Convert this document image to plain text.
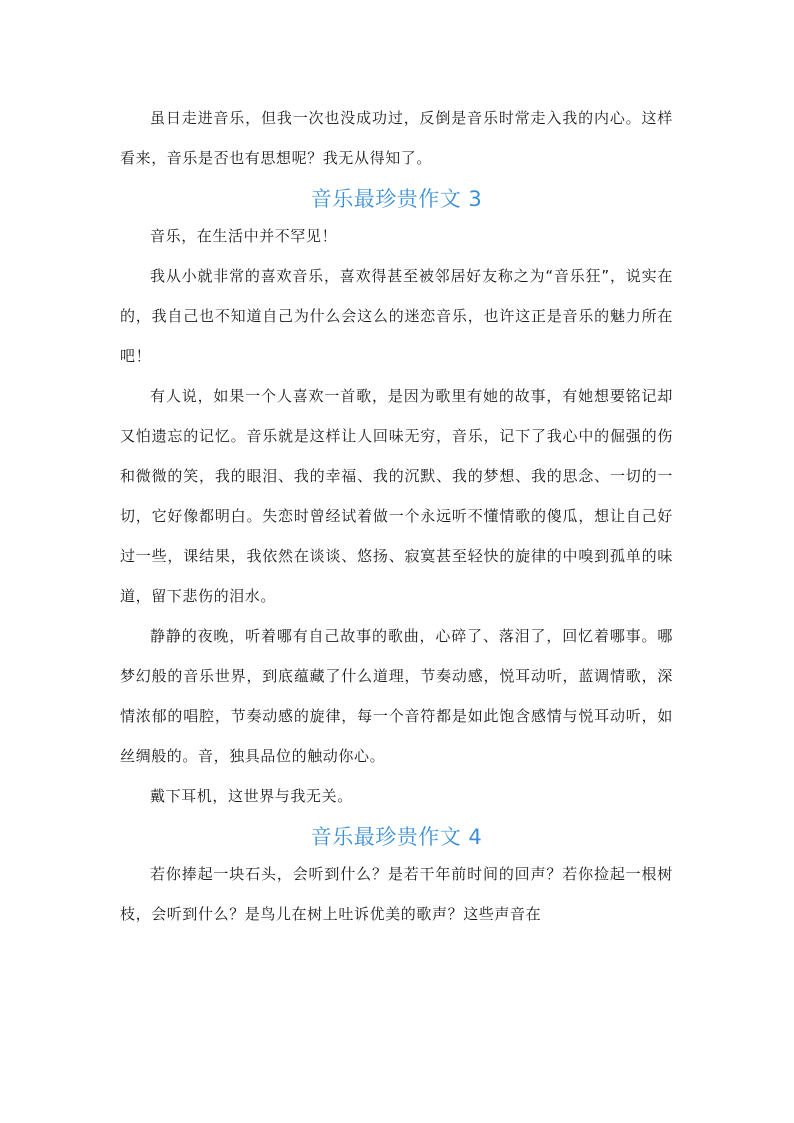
虽日走进音乐，但我一次也没成功过，反倒是音乐时常走入我的内心。这样看来，音乐是否也有思想呢？我无从得知了。

音乐最珍贵作文 3

音乐，在生活中并不罕见！

我从小就非常的喜欢音乐，喜欢得甚至被邻居好友称之为“音乐狂”，说实在的，我自己也不知道自己为什么会这么的迷恋音乐，也许这正是音乐的魅力所在吧！

有人说，如果一个人喜欢一首歌，是因为歌里有她的故事，有她想要铭记却又怕遗忘的记忆。音乐就是这样让人回味无穷，音乐，记下了我心中的倔强的伤和微微的笑，我的眼泪、我的幸福、我的沉默、我的梦想、我的思念、一切的一切，它好像都明白。失恋时曾经试着做一个永远听不懂情歌的傻瓜，想让自己好过一些，课结果，我依然在谈谈、悠扬、寂寞甚至轻快的旋律的中嗅到孤单的味道，留下悲伤的泪水。

静静的夜晚，听着哪有自己故事的歌曲，心碎了、落泪了，回忆着哪事。哪梦幻般的音乐世界，到底蕴藏了什么道理，节奏动感，悦耳动听，蓝调情歌，深情浓郁的唱腔，节奏动感的旋律，每一个音符都是如此饱含感情与悦耳动听，如丝绸般的。音，独具品位的触动你心。

戴下耳机，这世界与我无关。

音乐最珍贵作文 4

若你捧起一块石头，会听到什么？是若干年前时间的回声？若你捡起一根树枝，会听到什么？是鸟儿在树上吐诉优美的歌声？这些声音在
